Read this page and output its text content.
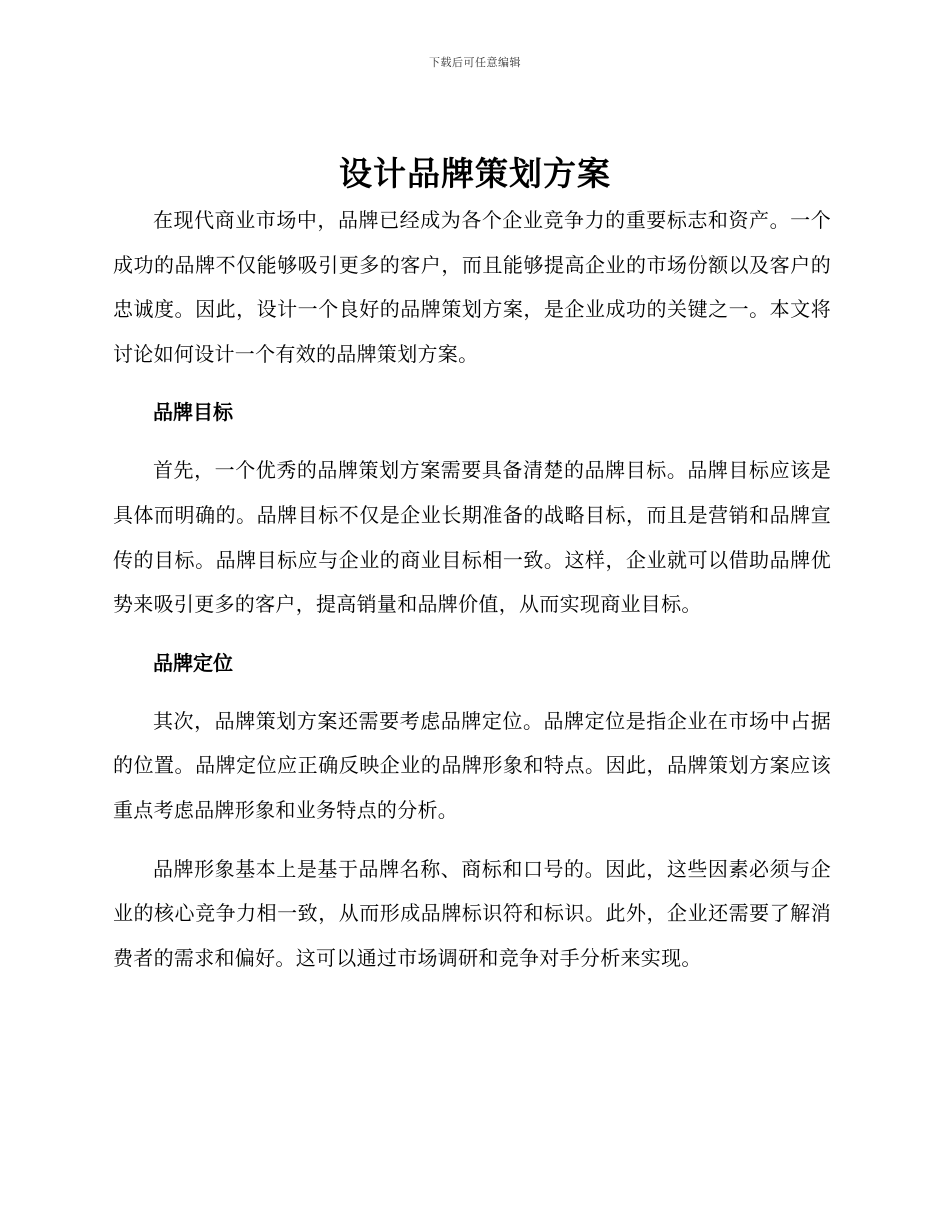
下载后可任意编辑
设计品牌策划方案

在现代商业市场中，品牌已经成为各个企业竞争力的重要标志和资产。一个成功的品牌不仅能够吸引更多的客户，而且能够提高企业的市场份额以及客户的忠诚度。因此，设计一个良好的品牌策划方案，是企业成功的关键之一。本文将讨论如何设计一个有效的品牌策划方案。

品牌目标

首先，一个优秀的品牌策划方案需要具备清楚的品牌目标。品牌目标应该是具体而明确的。品牌目标不仅是企业长期准备的战略目标，而且是营销和品牌宣传的目标。品牌目标应与企业的商业目标相一致。这样，企业就可以借助品牌优势来吸引更多的客户，提高销量和品牌价值，从而实现商业目标。

品牌定位

其次，品牌策划方案还需要考虑品牌定位。品牌定位是指企业在市场中占据的位置。品牌定位应正确反映企业的品牌形象和特点。因此，品牌策划方案应该重点考虑品牌形象和业务特点的分析。

品牌形象基本上是基于品牌名称、商标和口号的。因此，这些因素必须与企业的核心竞争力相一致，从而形成品牌标识符和标识。此外，企业还需要了解消费者的需求和偏好。这可以通过市场调研和竞争对手分析来实现。
